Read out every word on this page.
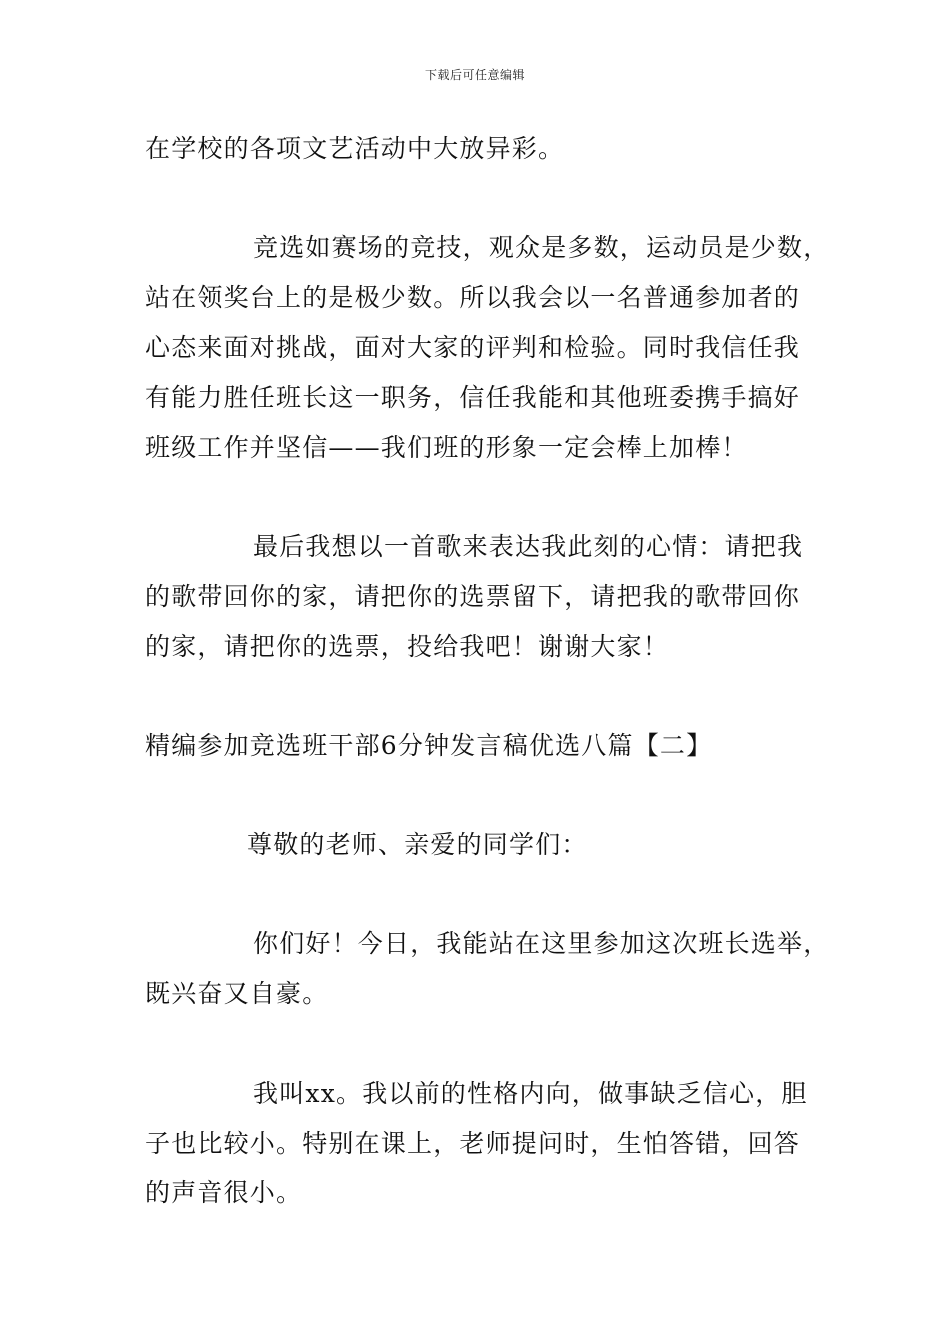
下载后可任意编辑
在学校的各项文艺活动中大放异彩。
竞选如赛场的竞技，观众是多数，运动员是少数，
站在领奖台上的是极少数。所以我会以一名普通参加者的
心态来面对挑战，面对大家的评判和检验。同时我信任我
有能力胜任班长这一职务，信任我能和其他班委携手搞好
班级工作并坚信——我们班的形象一定会棒上加棒！
最后我想以一首歌来表达我此刻的心情：请把我
的歌带回你的家，请把你的选票留下，请把我的歌带回你
的家，请把你的选票，投给我吧！谢谢大家！
精编参加竞选班干部6分钟发言稿优选八篇【二】
尊敬的老师、亲爱的同学们：
你们好！今日，我能站在这里参加这次班长选举，
既兴奋又自豪。
我叫xx。我以前的性格内向，做事缺乏信心，胆
子也比较小。特别在课上，老师提问时，生怕答错，回答
的声音很小。
